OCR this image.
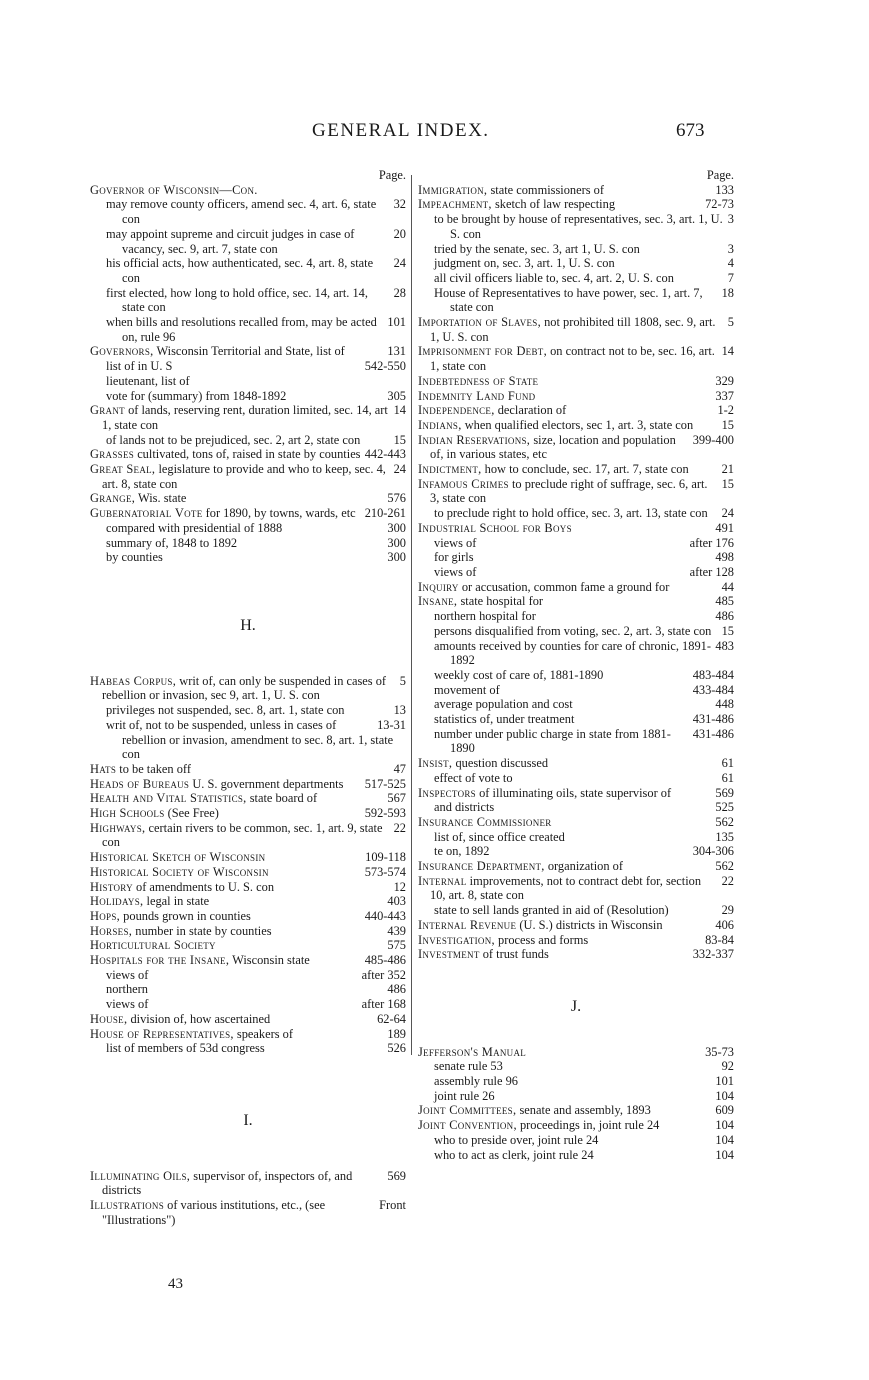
GENERAL INDEX.	673
Page.
Governor of Wisconsin—Con.
32
may remove county officers, amend sec. 4, art. 6, state con
20
may appoint supreme and circuit judges in case of vacancy, sec. 9, art. 7, state con
24
his official acts, how authenticated, sec. 4, art. 8, state con
28
first elected, how long to hold office, sec. 14, art. 14, state con
101
when bills and resolutions recalled from, may be acted on, rule 96
131
Governors, Wisconsin Territorial and State, list of
542-550
list of in U. S
lieutenant, list of
305
vote for (summary) from 1848-1892
14
Grant of lands, reserving rent, duration limited, sec. 14, art 1, state con
15
of lands not to be prejudiced, sec. 2, art 2, state con
442-443
Grasses cultivated, tons of, raised in state by counties
24
Great Seal, legislature to provide and who to keep, sec. 4, art. 8, state con
576
Grange, Wis. state
210-261
Gubernatorial Vote for 1890, by towns, wards, etc
300
compared with presidential of 1888
300
summary of, 1848 to 1892
300
by counties
H.
5
Habeas Corpus, writ of, can only be suspended in cases of rebellion or invasion, sec 9, art. 1, U. S. con
13
privileges not suspended, sec. 8, art. 1, state con
13-31
writ of, not to be suspended, unless in cases of rebellion or invasion, amendment to sec. 8, art. 1, state con
47
Hats to be taken off
517-525
Heads of Bureaus U. S. government departments
567
Health and Vital Statistics, state board of
592-593
High Schools (See Free)
22
Highways, certain rivers to be common, sec. 1, art. 9, state con
109-118
Historical Sketch of Wisconsin
573-574
Historical Society of Wisconsin
12
History of amendments to U. S. con
403
Holidays, legal in state
440-443
Hops, pounds grown in counties
439
Horses, number in state by counties
575
Horticultural Society
485-486
Hospitals for the Insane, Wisconsin state
after 352
views of
486
northern
after 168
views of
62-64
House, division of, how ascertained
189
House of Representatives, speakers of
526
list of members of 53d congress
I.
569
Illuminating Oils, supervisor of, inspectors of, and districts
Front
Illustrations of various institutions, etc., (see "Illustrations")
Page.
133
Immigration, state commissioners of
72-73
Impeachment, sketch of law respecting
3
to be brought by house of representatives, sec. 3, art. 1, U. S. con
3
tried by the senate, sec. 3, art 1, U. S. con
4
judgment on, sec. 3, art. 1, U. S. con
7
all civil officers liable to, sec. 4, art. 2, U. S. con
18
House of Representatives to have power, sec. 1, art. 7, state con
5
Importation of Slaves, not prohibited till 1808, sec. 9, art. 1, U. S. con
14
Imprisonment for Debt, on contract not to be, sec. 16, art. 1, state con
329
Indebtedness of State
337
Indemnity Land Fund
1-2
Independence, declaration of
15
Indians, when qualified electors, sec 1, art. 3, state con
399-400
Indian Reservations, size, location and population of, in various states, etc
21
Indictment, how to conclude, sec. 17, art. 7, state con
15
Infamous Crimes to preclude right of suffrage, sec. 6, art. 3, state con
24
to preclude right to hold office, sec. 3, art. 13, state con
491
Industrial School for Boys
after 176
views of
498
for girls
after 128
views of
44
Inquiry or accusation, common fame a ground for
485
Insane, state hospital for
486
northern hospital for
15
persons disqualified from voting, sec. 2, art. 3, state con
483
amounts received by counties for care of chronic, 1891-1892
483-484
weekly cost of care of, 1881-1890
433-484
movement of
448
average population and cost
431-486
statistics of, under treatment
431-486
number under public charge in state from 1881-1890
61
Insist, question discussed
61
effect of vote to
569
Inspectors of illuminating oils, state supervisor of
525
and districts
562
Insurance Commissioner
135
list of, since office created
304-306
te on, 1892
562
Insurance Department, organization of
22
Internal improvements, not to contract debt for, section 10, art. 8, state con
29
state to sell lands granted in aid of (Resolution)
406
Internal Revenue (U. S.) districts in Wisconsin
83-84
Investigation, process and forms
332-337
Investment of trust funds
J.
35-73
Jefferson's Manual
92
senate rule 53
101
assembly rule 96
104
joint rule 26
609
Joint Committees, senate and assembly, 1893
104
Joint Convention, proceedings in, joint rule 24
104
who to preside over, joint rule 24
104
who to act as clerk, joint rule 24
43
